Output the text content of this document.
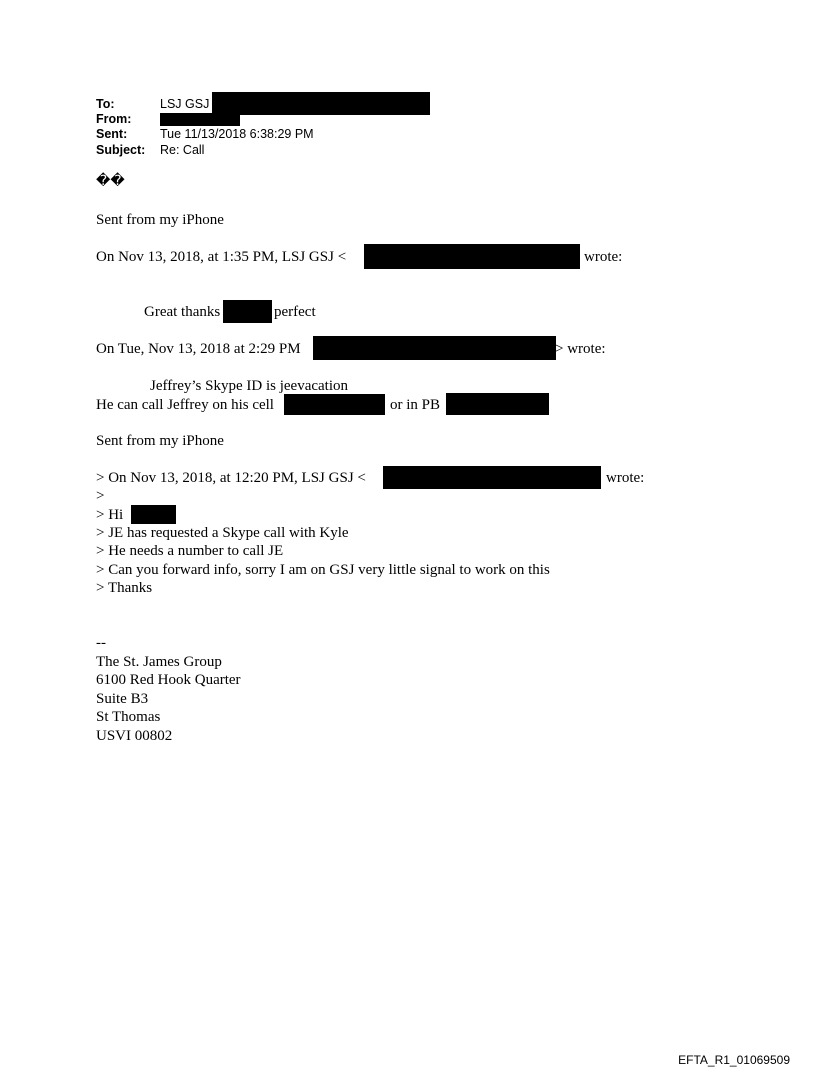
To:	LSJ GSJ
From:
Sent:	Tue 11/13/2018 6:38:29 PM
Subject: Re: Call
��
Sent from my iPhone
On Nov 13, 2018, at 1:35 PM, LSJ GSJ <	wrote:
Great thanks	perfect
On Tue, Nov 13, 2018 at 2:29 PM	> wrote:
Jeffrey’s Skype ID is jeevacation
He can call Jeffrey on his cell	or in PB
Sent from my iPhone
> On Nov 13, 2018, at 12:20 PM, LSJ GSJ <	wrote:
>
> Hi
> JE has requested a Skype call with Kyle
> He needs a number to call JE
> Can you forward info, sorry I am on GSJ very little signal to work on this
> Thanks
--
The St. James Group
6100 Red Hook Quarter
Suite B3
St Thomas
USVI 00802
EFTA_R1_01069509
